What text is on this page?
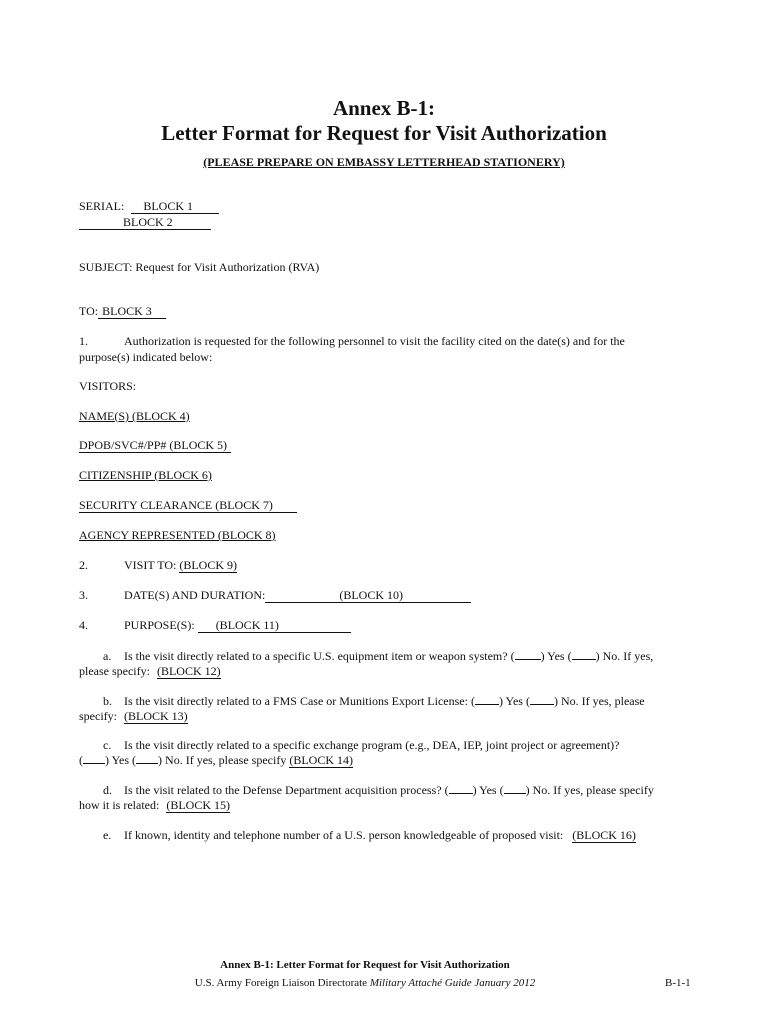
Annex B-1:
Letter Format for Request for Visit Authorization
(PLEASE PREPARE ON EMBASSY LETTERHEAD STATIONERY)
SERIAL: BLOCK 1
BLOCK 2
SUBJECT: Request for Visit Authorization (RVA)
TO: BLOCK 3
1.	Authorization is requested for the following personnel to visit the facility cited on the date(s) and for the
purpose(s) indicated below:
VISITORS:
NAME(S) (BLOCK 4)
DPOB/SVC#/PP# (BLOCK 5)
CITIZENSHIP (BLOCK 6)
SECURITY CLEARANCE (BLOCK 7)
AGENCY REPRESENTED (BLOCK 8)
2.	VISIT TO: (BLOCK 9)
3.	DATE(S) AND DURATION:	(BLOCK 10)
4.	PURPOSE(S): (BLOCK 11)
a. Is the visit directly related to a specific U.S. equipment item or weapon system? ( ) Yes ( ) No. If yes,
please specify: (BLOCK 12)
b. Is the visit directly related to a FMS Case or Munitions Export License: ( ) Yes ( ) No. If yes, please
specify: (BLOCK 13)
c. Is the visit directly related to a specific exchange program (e.g., DEA, IEP, joint project or agreement)?
( ) Yes ( ) No. If yes, please specify (BLOCK 14)
d. Is the visit related to the Defense Department acquisition process? ( ) Yes ( ) No. If yes, please specify
how it is related: (BLOCK 15)
e. If known, identity and telephone number of a U.S. person knowledgeable of proposed visit: (BLOCK 16)
Annex B-1: Letter Format for Request for Visit Authorization
U.S. Army Foreign Liaison Directorate Military Attaché Guide January 2012	B-1-1
